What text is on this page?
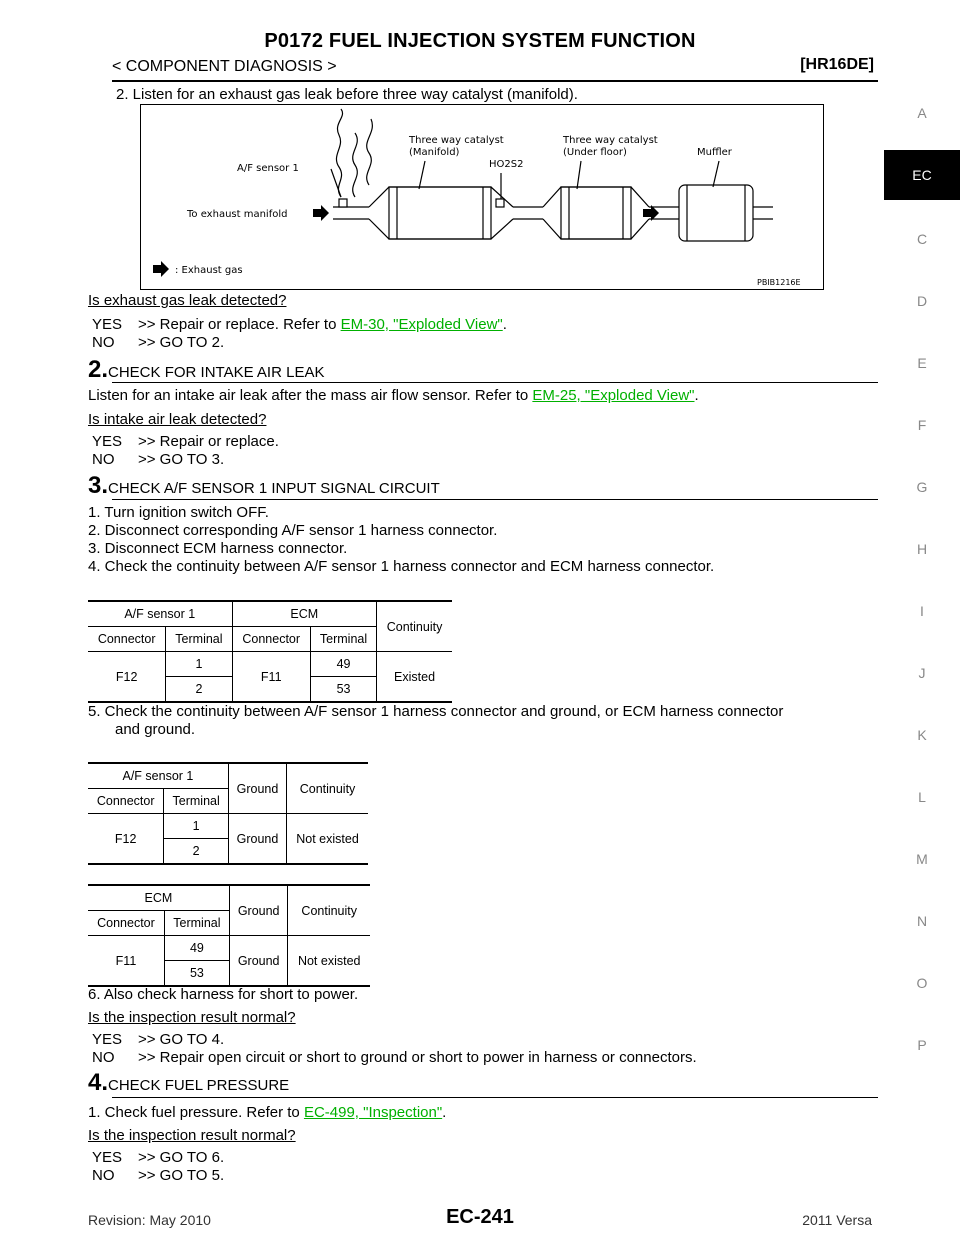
P0172 FUEL INJECTION SYSTEM FUNCTION
< COMPONENT DIAGNOSIS >	[HR16DE]
A
EC
C
D
E
F
G
H
I
J
K
L
M
N
O
P
2. Listen for an exhaust gas leak before three way catalyst (manifold).
A/F sensor 1
Three way catalyst
(Manifold)
HO2S2
Three way catalyst
(Under floor)	Muffler
To exhaust manifold
: Exhaust gas
PBIB1216E
Is exhaust gas leak detected?
YES >> Repair or replace. Refer to EM-30, "Exploded View".
NO >> GO TO 2.
2.CHECK FOR INTAKE AIR LEAK
Listen for an intake air leak after the mass air flow sensor. Refer to EM-25, "Exploded View".
Is intake air leak detected?
YES >> Repair or replace.
NO >> GO TO 3.
3.CHECK A/F SENSOR 1 INPUT SIGNAL CIRCUIT
1. Turn ignition switch OFF.
2. Disconnect corresponding A/F sensor 1 harness connector.
3. Disconnect ECM harness connector.
4. Check the continuity between A/F sensor 1 harness connector and ECM harness connector.
A/F sensor 1		ECM		Continuity
Connector	Terminal	Connector	Terminal	
F12	1	F11	49	Existed
	2		53	
5. Check the continuity between A/F sensor 1 harness connector and ground, or ECM harness connector
and ground.
A/F sensor 1		Ground	Continuity
Connector	Terminal		
F12	1	Ground	Not existed
	2		
ECM		Ground	Continuity
Connector	Terminal		
F11	49	Ground	Not existed
	53		
6. Also check harness for short to power.
Is the inspection result normal?
YES >> GO TO 4.
NO >> Repair open circuit or short to ground or short to power in harness or connectors.
4.CHECK FUEL PRESSURE
1. Check fuel pressure. Refer to EC-499, "Inspection".
Is the inspection result normal?
YES >> GO TO 6.
NO >> GO TO 5.
Revision: May 2010	EC-241	2011 Versa
